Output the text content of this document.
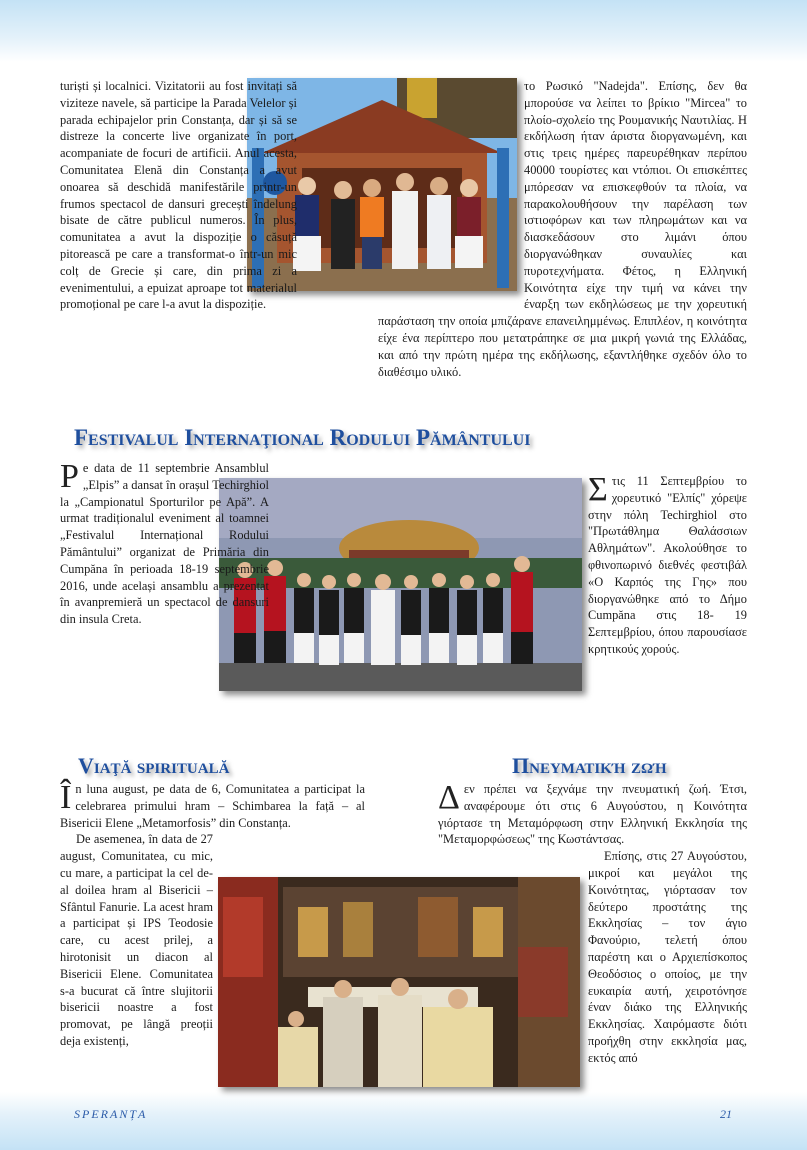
turiști și localnici. Vizitatorii au fost invitați să viziteze navele, să participe la Parada Velelor și parada echipajelor prin Constanța, dar și să se distreze la concerte live organizate în port, acompaniate de focuri de artificii. Anul acesta, Comunitatea Elenă din Constanța a avut onoarea să deschidă manifestările printr-un frumos spectacol de dansuri grecești îndelung bisate de către publicul numeros. În plus, comunitatea a avut la dispoziție o căsuță pitorească pe care a transformat-o într-un mic colț de Grecie și care, din prima zi a evenimentului, a epuizat aproape tot materialul promoțional pe care l-a avut la dispoziție.

το Ρωσικό "Nadejda". Επίσης, δεν θα μπορούσε να λείπει το βρίκιο "Mircea" το πλοίο-σχολείο της Ρουμανικής Ναυτιλίας. Η εκδήλωση ήταν άριστα διοργανωμένη, και στις τρεις ημέρες παρευρέθηκαν περίπου 40000 τουρίστες και ντόπιοι. Οι επισκέπτες μπόρεσαν να επισκεφθούν τα πλοία, να παρακολουθήσουν την παρέλαση των ιστιοφόρων και των πληρωμάτων και να διασκεδάσουν στο λιμάνι όπου διοργανώθηκαν συναυλίες και πυροτεχνήματα. Φέτος, η Ελληνική Κοινότητα είχε την τιμή να κάνει την έναρξη των εκδηλώσεως με την χορευτική παράσταση την οποία μπιζάρανε επανειλημμένως. Επιπλέον, η κοινότητα είχε ένα περίπτερο που μετατράπηκε σε μια μικρή γωνιά της Ελλάδας, και από την πρώτη ημέρα της εκδήλωσης, εξαντλήθηκε σχεδόν όλο το διαθέσιμο υλικό.

Festivalul Internaţional Rodului Pământului
P e data de 11 septembrie Ansamblul „Elpis” a dansat în orașul Techirghiol la „Campionatul Sporturilor pe Apă”. A urmat tradiționalul eveniment al toamnei „Festivalul Internațional Rodului Pământului” organizat de Primăria din Cumpăna în perioada 18-19 septembrie 2016, unde același ansamblu a prezentat în avanpremieră un spectacol de dansuri din insula Creta.

Σ τις 11 Σεπτεμβρίου το χορευτικό "Ελπίς" χόρεψε στην πόλη Techirghiol στο "Πρωτάθλημα Θαλάσσιων Αθλημάτων". Ακολούθησε το φθινοπωρινό διεθνές φεστιβάλ «Ο Καρπός της Γης» που διοργανώθηκε από το Δήμο Cumpăna στις 18- 19 Σεπτεμβρίου, όπου παρουσίασε κρητικούς χορούς.

Viaţă spirituală	Πνευματική ζωή
Î n luna august, pe data de 6, Comunitatea a participat la celebrarea primului hram – Schimbarea la față – al Bisericii Elene „Metamorfosis” din Constanța.

De asemenea, în data de 27 august, Comunitatea, cu mic, cu mare, a participat la cel de-al doilea hram al Bisericii – Sfântul Fanurie. La acest hram a participat și IPS Teodosie care, cu acest prilej, a hirotonisit un diacon al Bisericii Elene. Comunitatea s-a bucurat că între slujitorii bisericii noastre a fost promovat, pe lângă preoții deja existenți,

Δ εν πρέπει να ξεχνάμε την πνευματική ζωή. Έτσι, αναφέρουμε ότι στις 6 Αυγούστου, η Κοινότητα γιόρτασε τη Μεταμόρφωση στην Ελληνική Εκκλησία της "Μεταμορφώσεως" της Κωστάντσας.

Επίσης, στις 27 Αυγούστου, μικροί και μεγάλοι της Κοινότητας, γιόρτασαν τον δεύτερο προστάτης της Εκκλησίας – τον άγιο Φανούριο, τελετή όπου παρέστη και ο Αρχιεπίσκοπος Θεοδόσιος ο οποίος, με την ευκαιρία αυτή, χειροτόνησε έναν διάκο της Ελληνικής Εκκλησίας. Χαιρόμαστε διότι προήχθη στην εκκλησία μας, εκτός από

SPERANȚA	21
